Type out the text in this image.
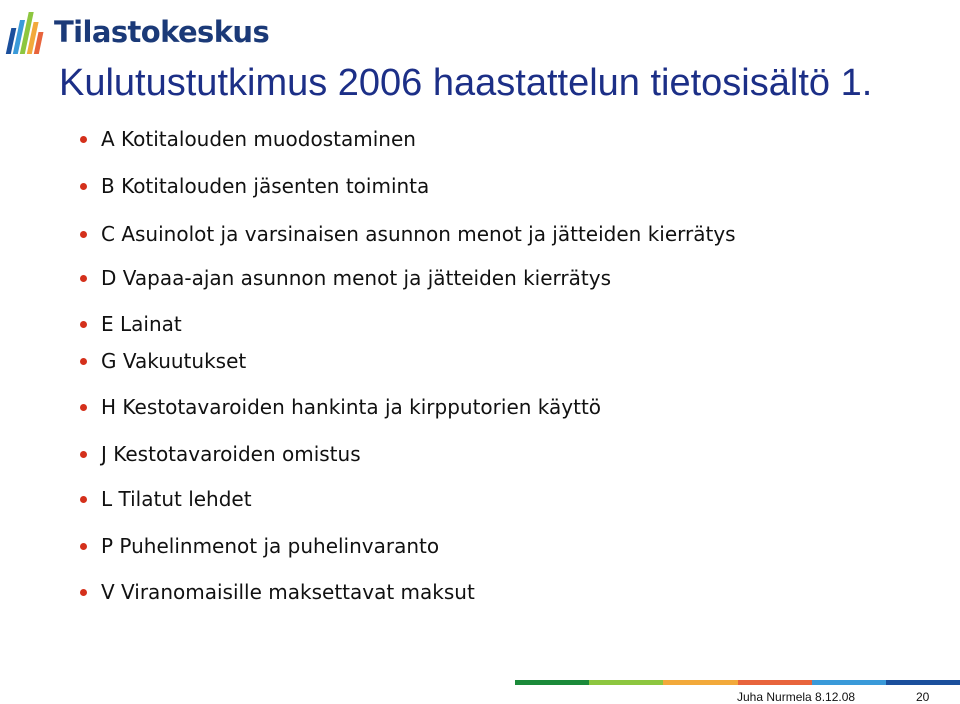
Tilastokeskus
Kulutustutkimus 2006 haastattelun tietosisältö 1.
A Kotitalouden muodostaminen
B Kotitalouden jäsenten toiminta
C Asuinolot ja varsinaisen asunnon menot ja jätteiden kierrätys
D Vapaa-ajan asunnon menot ja jätteiden kierrätys
E Lainat
G Vakuutukset
H Kestotavaroiden hankinta ja kirpputorien käyttö
J Kestotavaroiden omistus
L Tilatut lehdet
P Puhelinmenot ja puhelinvaranto
V Viranomaisille maksettavat maksut
Juha Nurmela 8.12.08	20
